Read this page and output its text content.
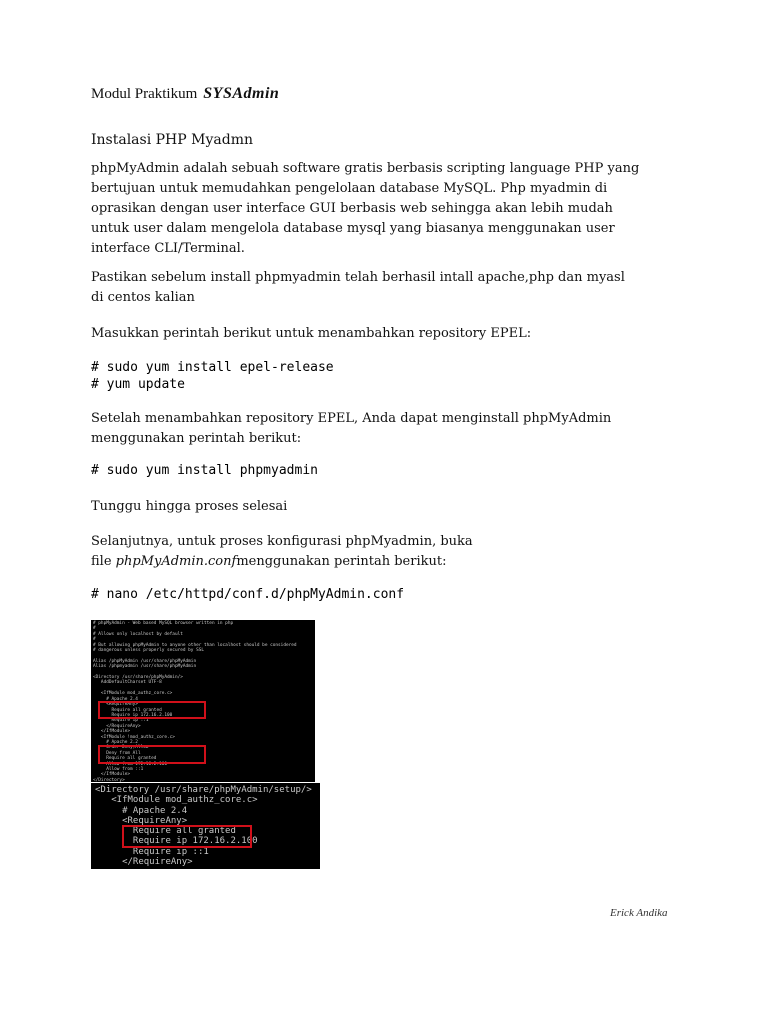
Modul Praktikum SYSAdmin
Instalasi PHP Myadmn
phpMyAdmin adalah sebuah software gratis berbasis scripting language PHP yang
bertujuan untuk memudahkan pengelolaan database MySQL. Php myadmin di
oprasikan dengan user interface GUI berbasis web sehingga akan lebih mudah
untuk user dalam mengelola database mysql yang biasanya menggunakan user
interface CLI/Terminal.
Pastikan sebelum install phpmyadmin telah berhasil intall apache,php dan myasl
di centos kalian
Masukkan perintah berikut untuk menambahkan repository EPEL:
# sudo yum install epel-release
# yum update
Setelah menambahkan repository EPEL, Anda dapat menginstall phpMyAdmin
menggunakan perintah berikut:
# sudo yum install phpmyadmin
Tunggu hingga proses selesai
Selanjutnya, untuk proses konfigurasi phpMyadmin, buka
file phpMyAdmin.confmenggunakan perintah berikut:
# nano /etc/httpd/conf.d/phpMyAdmin.conf
# phpMyAdmin - Web based MySQL browser written in php
#
# Allows only localhost by default
#
# But allowing phpMyAdmin to anyone other than localhost should be considered
# dangerous unless properly secured by SSL

Alias /phpMyAdmin /usr/share/phpMyAdmin
Alias /phpmyadmin /usr/share/phpMyAdmin

<Directory /usr/share/phpMyAdmin/>
AddDefaultCharset UTF-8

<IfModule mod_authz_core.c>
# Apache 2.4
<RequireAny>
Require all granted
Require ip 172.16.2.100
Require ip ::1
</RequireAny>
</IfModule>
<IfModule !mod_authz_core.c>
# Apache 2.2
Order Deny,Allow
Deny from All
Require all granted
Allow from 172.16.2.100
Allow from ::1
</IfModule>
</Directory>
<Directory /usr/share/phpMyAdmin/setup/>
<IfModule mod_authz_core.c>
# Apache 2.4
<RequireAny>
Require all granted
Require ip 172.16.2.100
Require ip ::1
</RequireAny>
Erick Andika
